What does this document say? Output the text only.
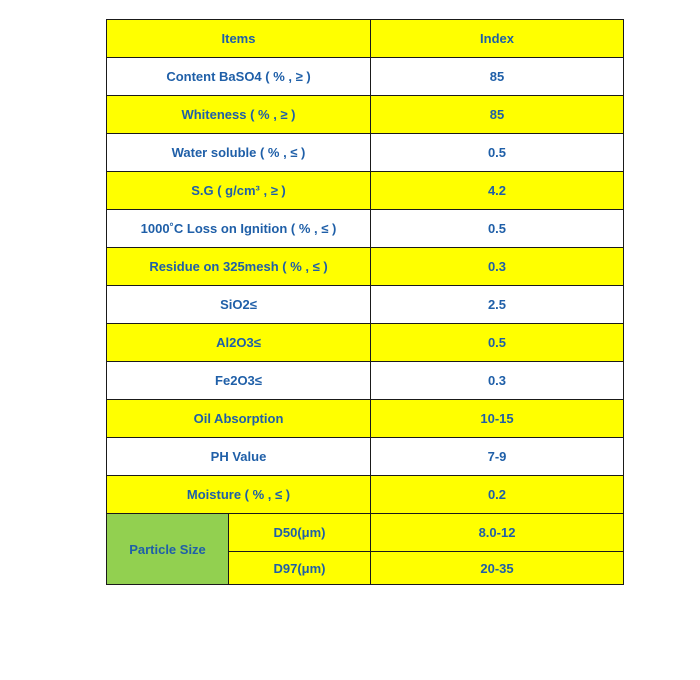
Items		Index
Content BaSO4 ( % , ≥ )		85
Whiteness ( % , ≥ )		85
Water soluble ( % , ≤ )		0.5
S.G ( g/cm³ , ≥ )		4.2
1000˚C Loss on Ignition ( % , ≤ )		0.5
Residue on 325mesh ( % , ≤ )		0.3
SiO2≤		2.5
Al2O3≤		0.5
Fe2O3≤		0.3
Oil Absorption		10-15
PH Value		7-9
Moisture ( % , ≤ )		0.2
Particle Size	D50(μm)	8.0-12
	D97(μm)	20-35
